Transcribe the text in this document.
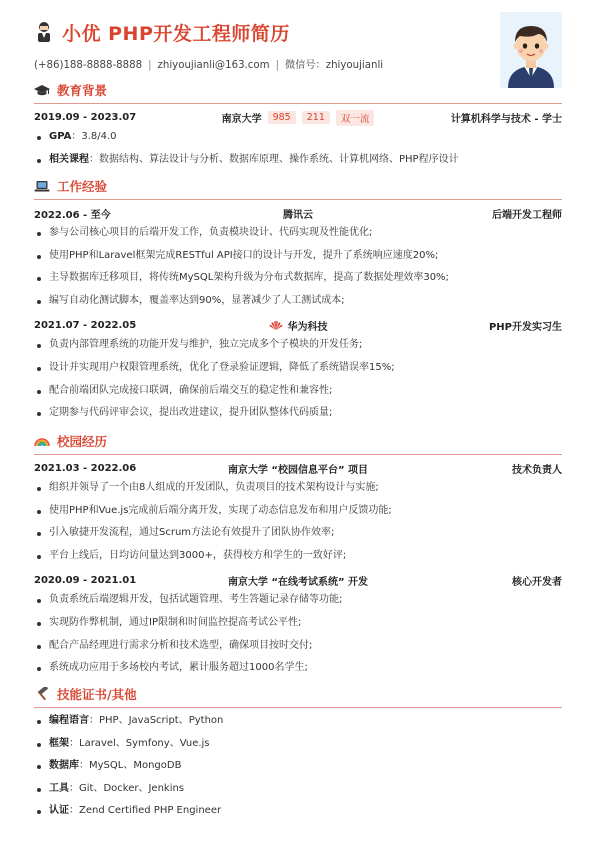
小优 PHP开发工程师简历
(+86)188-8888-8888 | zhiyoujianli@163.com | 微信号：zhiyoujianli
教育背景
2019.09 - 2023.07	南京大学	985	211	双一流	计算机科学与技术 - 学士
GPA：3.8/4.0
相关课程：数据结构、算法设计与分析、数据库原理、操作系统、计算机网络、PHP程序设计
工作经验
2022.06 - 至今	腾讯云	后端开发工程师
参与公司核心项目的后端开发工作，负责模块设计、代码实现及性能优化;
使用PHP和Laravel框架完成RESTful API接口的设计与开发，提升了系统响应速度20%;
主导数据库迁移项目，将传统MySQL架构升级为分布式数据库，提高了数据处理效率30%;
编写自动化测试脚本，覆盖率达到90%，显著减少了人工测试成本;
2021.07 - 2022.05	华为科技	PHP开发实习生
负责内部管理系统的功能开发与维护，独立完成多个子模块的开发任务;
设计并实现用户权限管理系统，优化了登录验证逻辑，降低了系统错误率15%;
配合前端团队完成接口联调，确保前后端交互的稳定性和兼容性;
定期参与代码评审会议，提出改进建议，提升团队整体代码质量;
校园经历
2021.03 - 2022.06	南京大学 “校园信息平台” 项目	技术负责人
组织并领导了一个由8人组成的开发团队，负责项目的技术架构设计与实施;
使用PHP和Vue.js完成前后端分离开发，实现了动态信息发布和用户反馈功能;
引入敏捷开发流程，通过Scrum方法论有效提升了团队协作效率;
平台上线后，日均访问量达到3000+，获得校方和学生的一致好评;
2020.09 - 2021.01	南京大学 “在线考试系统” 开发	核心开发者
负责系统后端逻辑开发，包括试题管理、考生答题记录存储等功能;
实现防作弊机制，通过IP限制和时间监控提高考试公平性;
配合产品经理进行需求分析和技术选型，确保项目按时交付;
系统成功应用于多场校内考试，累计服务超过1000名学生;
技能证书/其他
编程语言：PHP、JavaScript、Python
框架：Laravel、Symfony、Vue.js
数据库：MySQL、MongoDB
工具：Git、Docker、Jenkins
认证：Zend Certified PHP Engineer
